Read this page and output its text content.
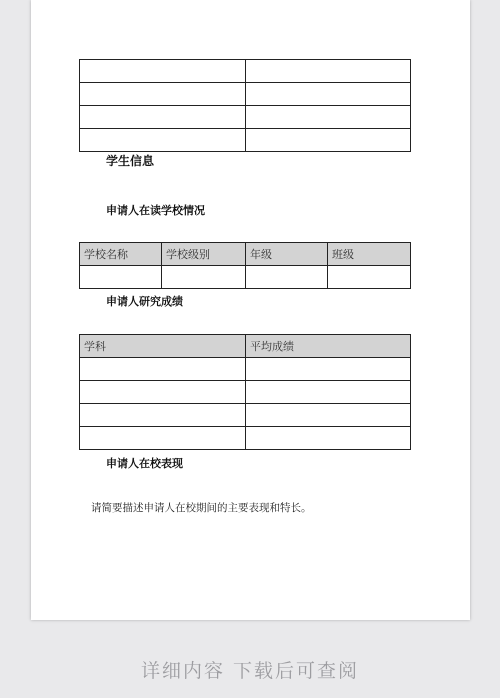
学生信息

申请人在读学校情况

学校名称	学校级别	年级	班级

申请人研究成绩

学科	平均成绩

申请人在校表现

请简要描述申请人在校期间的主要表现和特长。

详细内容 下载后可查阅
